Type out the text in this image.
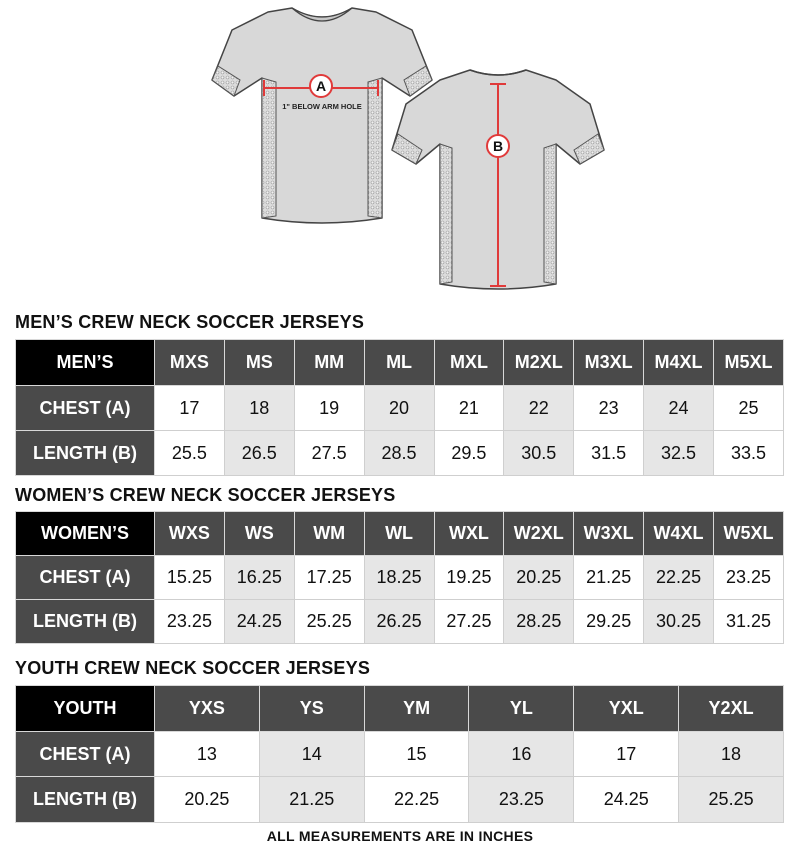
A
1" BELOW ARM HOLE
B
MEN’S CREW NECK SOCCER JERSEYS
MEN’S	MXS	MS	MM	ML	MXL	M2XL	M3XL	M4XL	M5XL
CHEST (A)	17	18	19	20	21	22	23	24	25
LENGTH (B)	25.5	26.5	27.5	28.5	29.5	30.5	31.5	32.5	33.5
WOMEN’S CREW NECK SOCCER JERSEYS
WOMEN’S	WXS	WS	WM	WL	WXL	W2XL	W3XL	W4XL	W5XL
CHEST (A)	15.25	16.25	17.25	18.25	19.25	20.25	21.25	22.25	23.25
LENGTH (B)	23.25	24.25	25.25	26.25	27.25	28.25	29.25	30.25	31.25
YOUTH CREW NECK SOCCER JERSEYS
YOUTH	YXS	YS	YM	YL	YXL	Y2XL
CHEST (A)	13	14	15	16	17	18
LENGTH (B)	20.25	21.25	22.25	23.25	24.25	25.25
ALL MEASUREMENTS ARE IN INCHES
